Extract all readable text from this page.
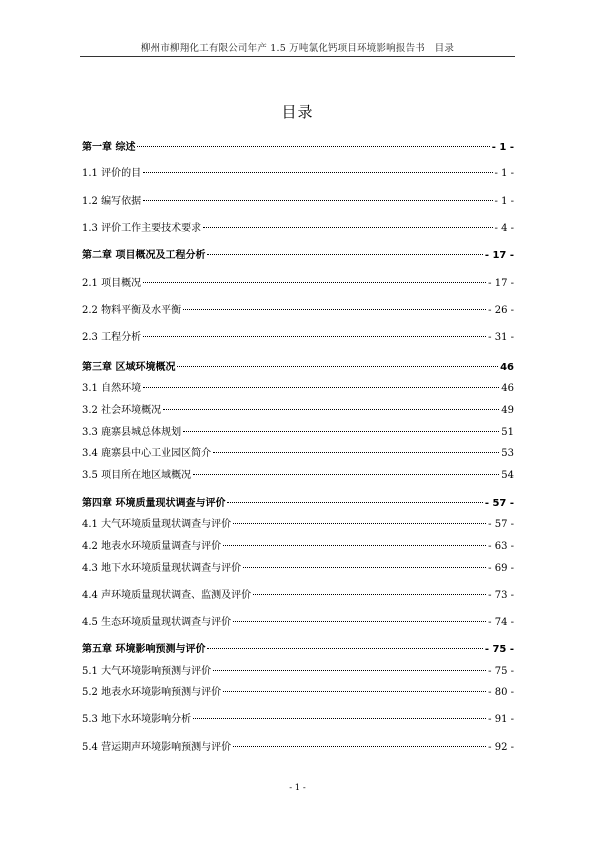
柳州市柳翔化工有限公司年产 1.5 万吨氯化钙项目环境影响报告书　目录
目录
第一章 综述	- 1 -
1.1 评价的目	- 1 -
1.2 编写依据	- 1 -
1.3 评价工作主要技术要求	- 4 -
第二章 项目概况及工程分析	- 17 -
2.1 项目概况	- 17 -
2.2 物料平衡及水平衡	- 26 -
2.3 工程分析	- 31 -
第三章 区域环境概况	46
3.1 自然环境	46
3.2 社会环境概况	49
3.3 鹿寨县城总体规划	51
3.4 鹿寨县中心工业园区简介	53
3.5 项目所在地区域概况	54
第四章 环境质量现状调查与评价	- 57 -
4.1 大气环境质量现状调查与评价	- 57 -
4.2 地表水环境质量调查与评价	- 63 -
4.3 地下水环境质量现状调查与评价	- 69 -
4.4 声环境质量现状调查、监测及评价	- 73 -
4.5 生态环境质量现状调查与评价	- 74 -
第五章 环境影响预测与评价	- 75 -
5.1 大气环境影响预测与评价	- 75 -
5.2 地表水环境影响预测与评价	- 80 -
5.3 地下水环境影响分析	- 91 -
5.4 营运期声环境影响预测与评价	- 92 -
- 1 -
